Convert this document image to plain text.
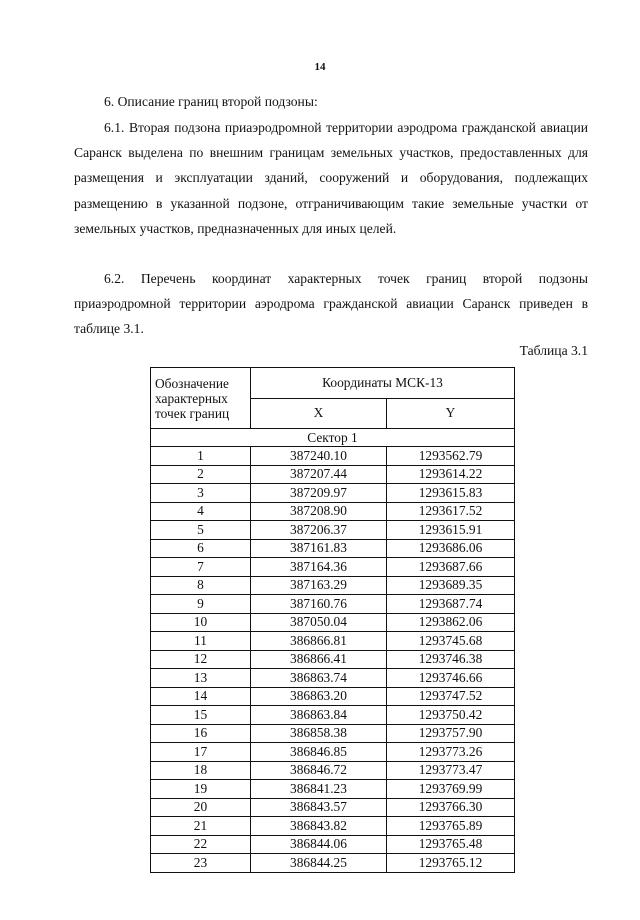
14

6. Описание границ второй подзоны:

6.1. Вторая подзона приаэродромной территории аэродрома гражданской авиации Саранск выделена по внешним границам земельных участков, предоставленных для размещения и эксплуатации зданий, сооружений и оборудования, подлежащих размещению в указанной подзоне, отграничивающим такие земельные участки от земельных участков, предназначенных для иных целей.

6.2. Перечень координат характерных точек границ второй подзоны приаэродромной территории аэродрома гражданской авиации Саранск приведен в таблице 3.1.

Таблица 3.1
Обозначение характерных точек границ	Координаты МСК-13	
	X	Y
Сектор 1		
1	387240.10	1293562.79
2	387207.44	1293614.22
3	387209.97	1293615.83
4	387208.90	1293617.52
5	387206.37	1293615.91
6	387161.83	1293686.06
7	387164.36	1293687.66
8	387163.29	1293689.35
9	387160.76	1293687.74
10	387050.04	1293862.06
11	386866.81	1293745.68
12	386866.41	1293746.38
13	386863.74	1293746.66
14	386863.20	1293747.52
15	386863.84	1293750.42
16	386858.38	1293757.90
17	386846.85	1293773.26
18	386846.72	1293773.47
19	386841.23	1293769.99
20	386843.57	1293766.30
21	386843.82	1293765.89
22	386844.06	1293765.48
23	386844.25	1293765.12
